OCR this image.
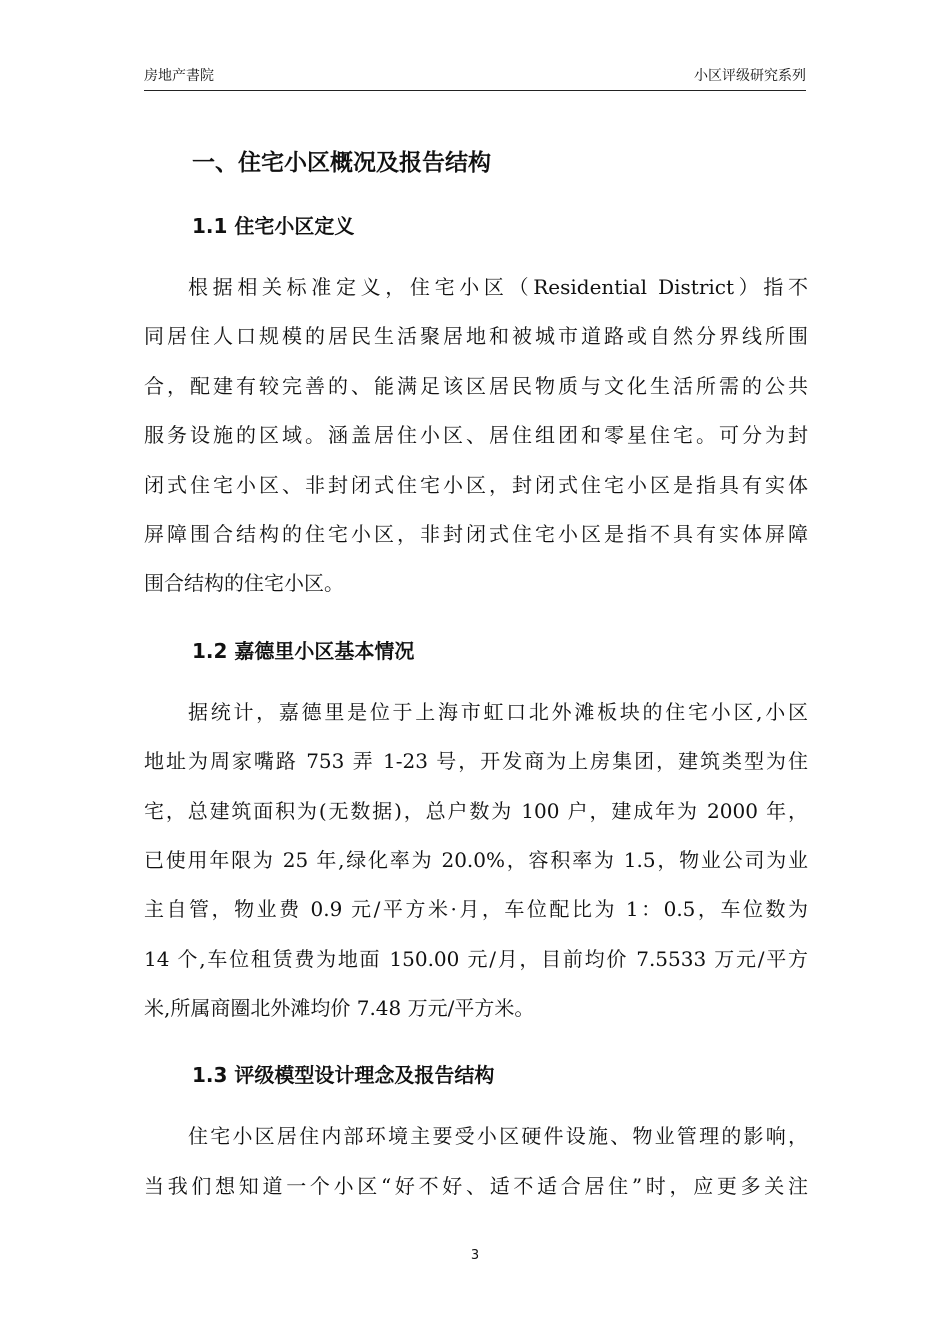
房地产書院	小区评级研究系列
一、住宅小区概况及报告结构
1.1 住宅小区定义
根据相关标准定义，住宅小区（Residential District）指不
同居住人口规模的居民生活聚居地和被城市道路或自然分界线所围
合，配建有较完善的、能满足该区居民物质与文化生活所需的公共
服务设施的区域。涵盖居住小区、居住组团和零星住宅。可分为封
闭式住宅小区、非封闭式住宅小区，封闭式住宅小区是指具有实体
屏障围合结构的住宅小区，非封闭式住宅小区是指不具有实体屏障
围合结构的住宅小区。
1.2 嘉德里小区基本情况
据统计，嘉德里是位于上海市虹口北外滩板块的住宅小区,小区
地址为周家嘴路 753 弄 1-23 号，开发商为上房集团，建筑类型为住
宅，总建筑面积为(无数据)，总户数为 100 户，建成年为 2000 年，
已使用年限为 25 年,绿化率为 20.0%，容积率为 1.5，物业公司为业
主自管，物业费 0.9 元/平方米·月，车位配比为 1：0.5，车位数为
14 个,车位租赁费为地面 150.00 元/月，目前均价 7.5533 万元/平方
米,所属商圈北外滩均价 7.48 万元/平方米。
1.3 评级模型设计理念及报告结构
住宅小区居住内部环境主要受小区硬件设施、物业管理的影响，
当我们想知道一个小区“好不好、适不适合居住”时，应更多关注
3
